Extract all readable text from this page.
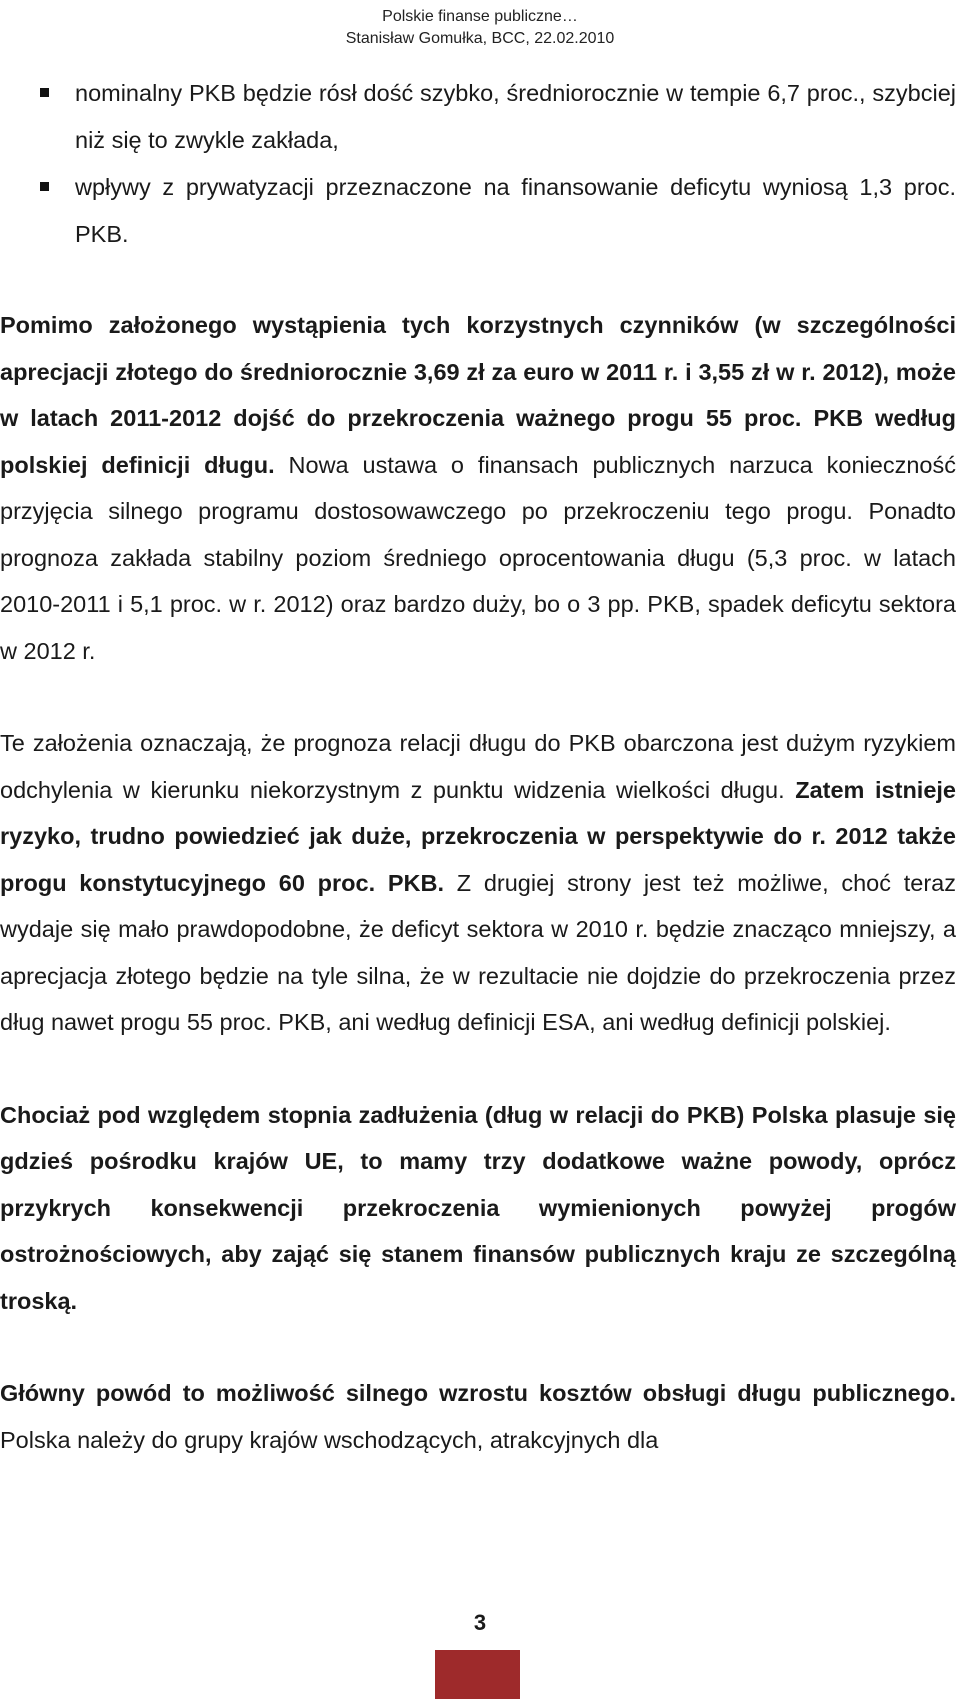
Polskie finanse publiczne…
Stanisław Gomułka, BCC, 22.02.2010
nominalny PKB będzie rósł dość szybko, średniorocznie w tempie 6,7 proc., szybciej niż się to zwykle zakłada,
wpływy z prywatyzacji przeznaczone na finansowanie deficytu wyniosą 1,3 proc. PKB.

Pomimo założonego wystąpienia tych korzystnych czynników (w szczególności aprecjacji złotego do średniorocznie 3,69 zł za euro w 2011 r. i 3,55 zł w r. 2012), może w latach 2011-2012 dojść do przekroczenia ważnego progu 55 proc. PKB według polskiej definicji długu. Nowa ustawa o finansach publicznych narzuca konieczność przyjęcia silnego programu dostosowawczego po przekroczeniu tego progu. Ponadto prognoza zakłada stabilny poziom średniego oprocentowania długu (5,3 proc. w latach 2010-2011 i 5,1 proc. w r. 2012) oraz bardzo duży, bo o 3 pp. PKB, spadek deficytu sektora w 2012 r.

Te założenia oznaczają, że prognoza relacji długu do PKB obarczona jest dużym ryzykiem odchylenia w kierunku niekorzystnym z punktu widzenia wielkości długu. Zatem istnieje ryzyko, trudno powiedzieć jak duże, przekroczenia w perspektywie do r. 2012 także progu konstytucyjnego 60 proc. PKB. Z drugiej strony jest też możliwe, choć teraz wydaje się mało prawdopodobne, że deficyt sektora w 2010 r. będzie znacząco mniejszy, a aprecjacja złotego będzie na tyle silna, że w rezultacie nie dojdzie do przekroczenia przez dług nawet progu 55 proc. PKB, ani według definicji ESA, ani według definicji polskiej.

Chociaż pod względem stopnia zadłużenia (dług w relacji do PKB) Polska plasuje się gdzieś pośrodku krajów UE, to mamy trzy dodatkowe ważne powody, oprócz przykrych konsekwencji przekroczenia wymienionych powyżej progów ostrożnościowych, aby zająć się stanem finansów publicznych kraju ze szczególną troską.

Główny powód to możliwość silnego wzrostu kosztów obsługi długu publicznego. Polska należy do grupy krajów wschodzących, atrakcyjnych dla

3
